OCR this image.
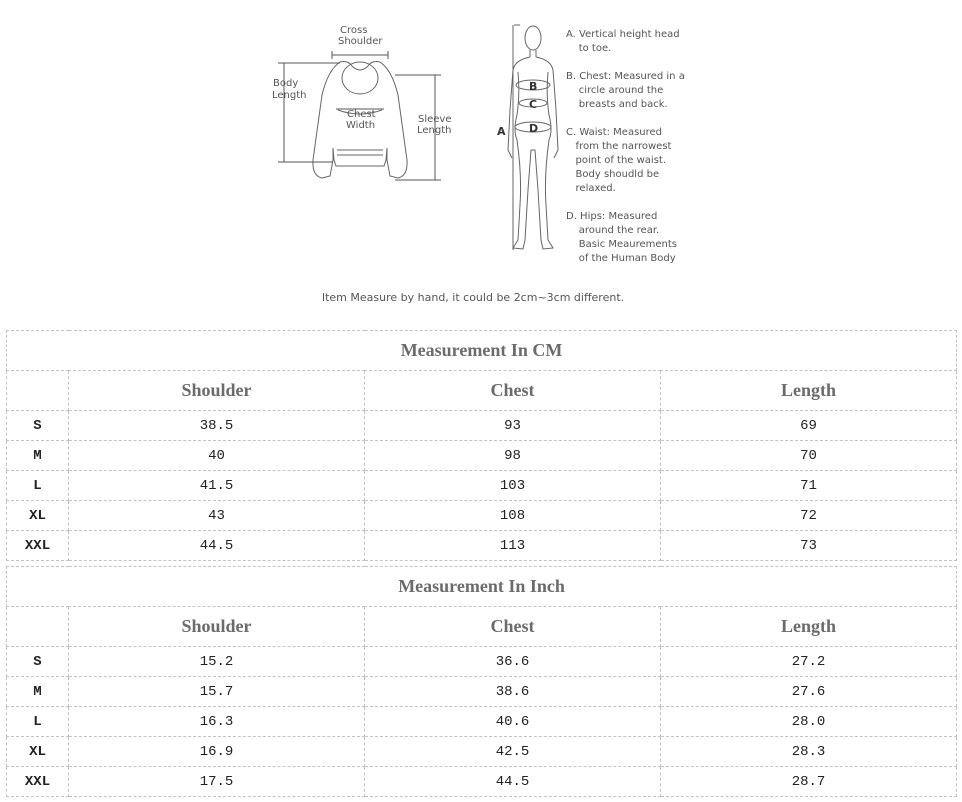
Cross
Shoulder
Body
Length
Chest
Width
Sleeve
Length	A
B
C
D
A. Vertical height head
to toe.
B. Chest: Measured in a
circle around the
breasts and back.
C. Waist: Measured
from the narrowest
point of the waist.
Body shoudld be
relaxed.
D. Hips: Measured
around the rear.
Basic Meaurements
of the Human Body
Item Measure by hand, it could be 2cm~3cm different.
Measurement In CM			
	Shoulder	Chest	Length
S	38.5	93	69
M	40	98	70
L	41.5	103	71
XL	43	108	72
XXL	44.5	113	73
Measurement In Inch			
	Shoulder	Chest	Length
S	15.2	36.6	27.2
M	15.7	38.6	27.6
L	16.3	40.6	28.0
XL	16.9	42.5	28.3
XXL	17.5	44.5	28.7
